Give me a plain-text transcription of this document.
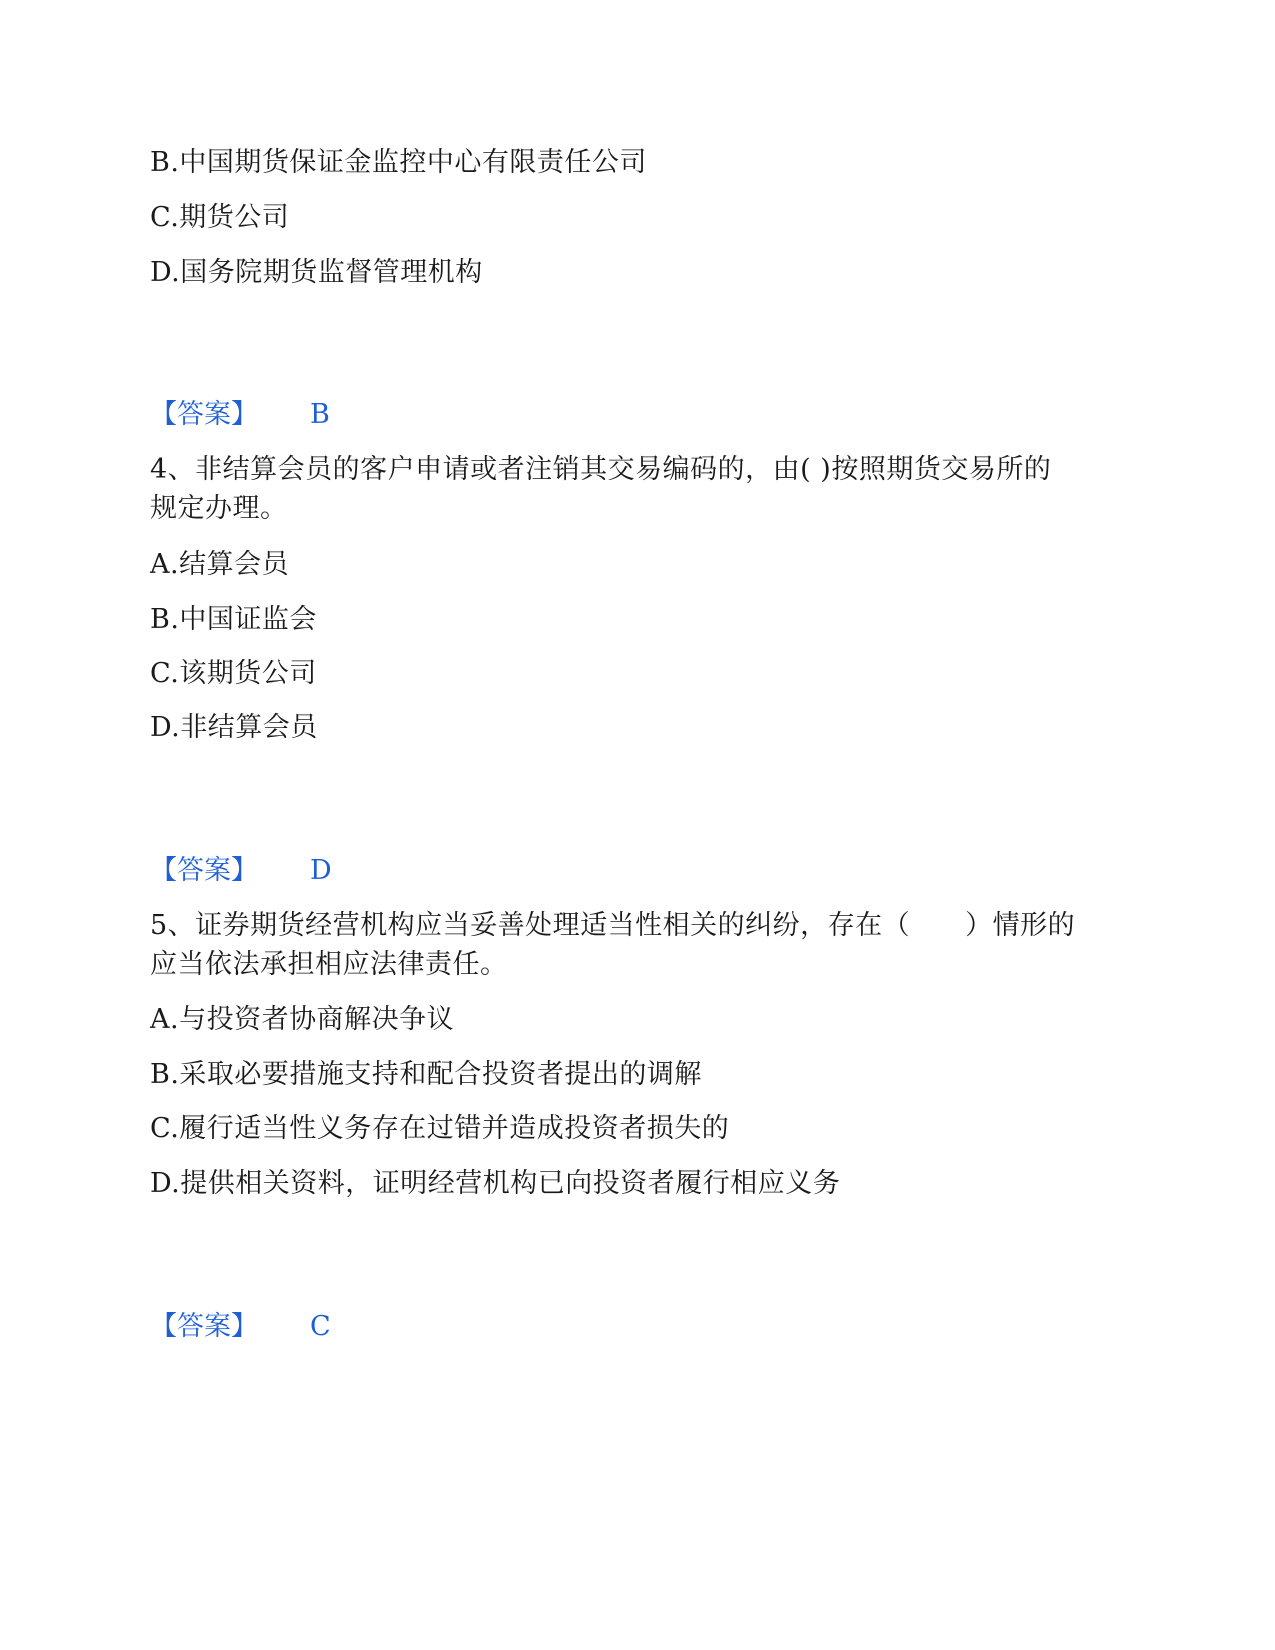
B.中国期货保证金监控中心有限责任公司
C.期货公司
D.国务院期货监督管理机构
【答案】 B
4、非结算会员的客户申请或者注销其交易编码的，由( )按照期货交易所的
规定办理。
A.结算会员
B.中国证监会
C.该期货公司
D.非结算会员
【答案】 D
5、证券期货经营机构应当妥善处理适当性相关的纠纷，存在（　　）情形的
应当依法承担相应法律责任。
A.与投资者协商解决争议
B.采取必要措施支持和配合投资者提出的调解
C.履行适当性义务存在过错并造成投资者损失的
D.提供相关资料，证明经营机构已向投资者履行相应义务
【答案】 C
